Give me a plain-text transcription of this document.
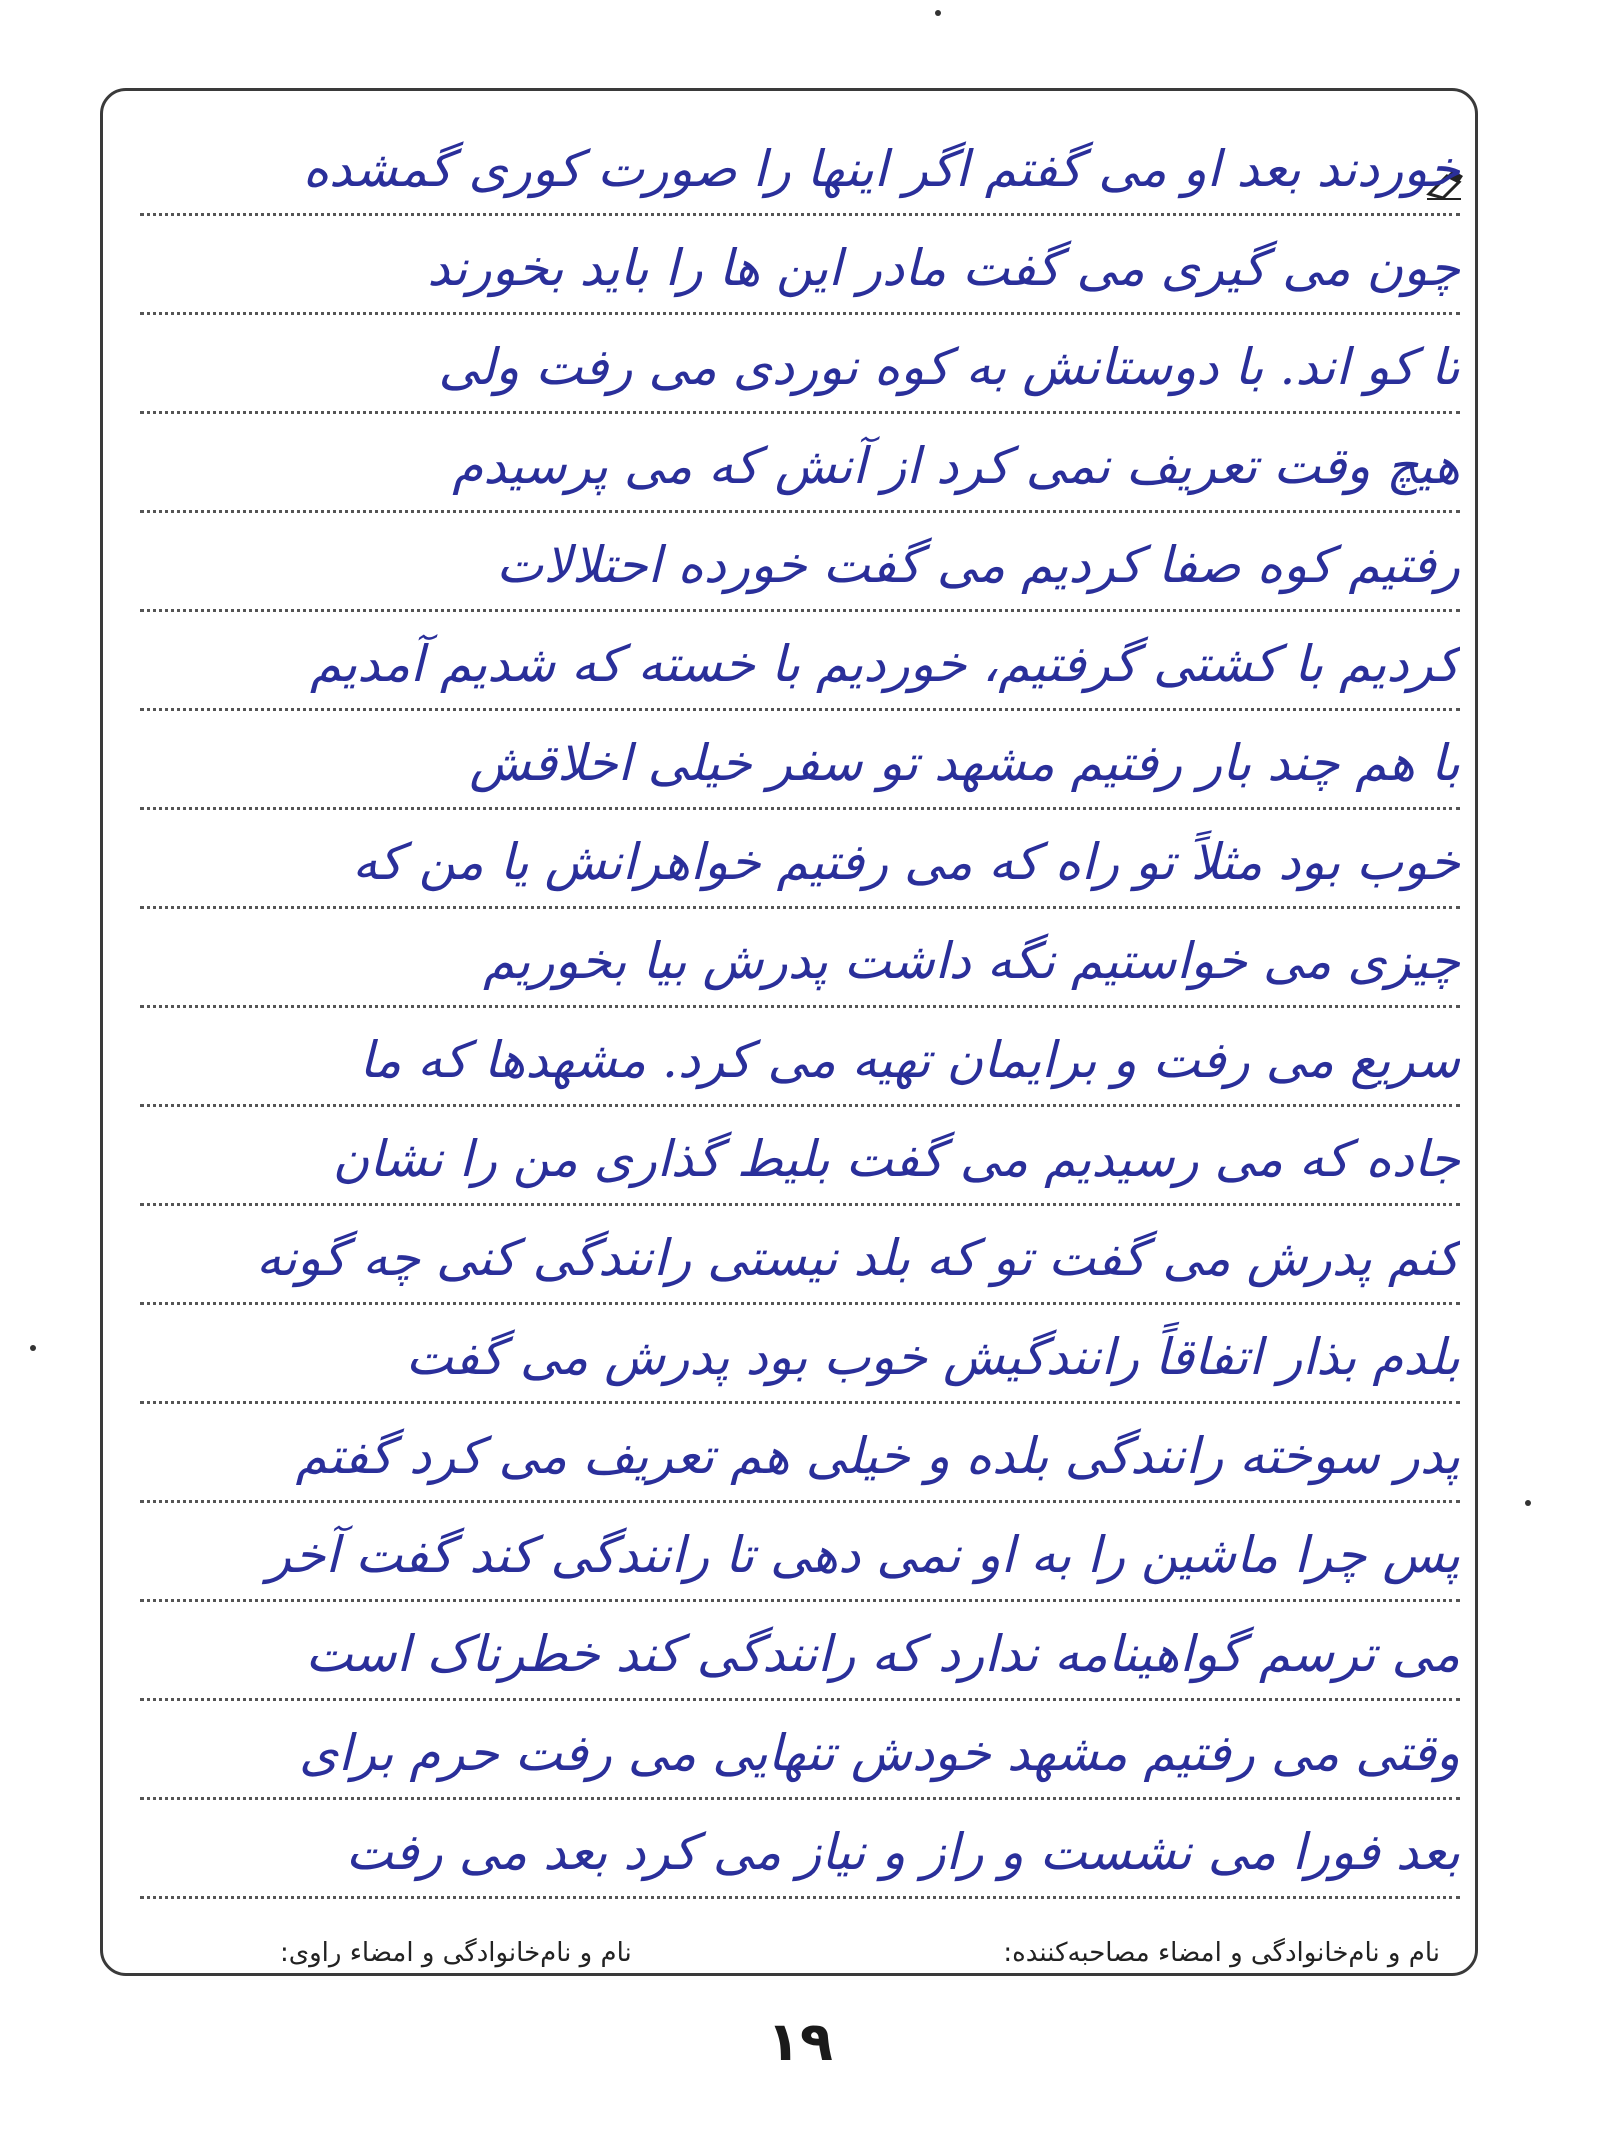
خوردند بعد او می گفتم اگر اینها را صورت کوری گمشده
چون می گیری می گفت مادر این ها را باید بخورند
تا کو اند. با دوستانش به کوه نوردی می رفت ولی
هیچ وقت تعریف نمی کرد از آنش که می پرسیدم
رفتیم کوه صفا کردیم می گفت خورده احتلالات
کردیم با کشتی گرفتیم، خوردیم با خسته که شدیم آمدیم
با هم چند بار رفتیم مشهد تو سفر خیلی اخلاقش
خوب بود مثلاً تو راه که می رفتیم خواهرانش یا من که
چیزی می خواستیم نگه داشت پدرش بیا بخوریم
سریع می رفت و برایمان تهیه می کرد. مشهدها که ما
جاده که می رسیدیم می گفت بلیط گذاری من را نشان
کنم پدرش می گفت تو که بلد نیستی رانندگی کنی چه گونه
بلدم بذار اتفاقاً رانندگیش خوب بود پدرش می گفت
پدر سوخته رانندگی بلده و خیلی هم تعریف می کرد گفتم
پس چرا ماشین را به او نمی دهی تا رانندگی کند گفت آخر
می ترسم گواهینامه ندارد که رانندگی کند خطرناک است
وقتی می رفتیم مشهد خودش تنهایی می رفت حرم برای
بعد فورا می نشست و راز و نیاز می کرد بعد می رفت
نام و نام‌خانوادگی و امضاء مصاحبه‌کننده:
نام و نام‌خانوادگی و امضاء راوی:
۱۹
